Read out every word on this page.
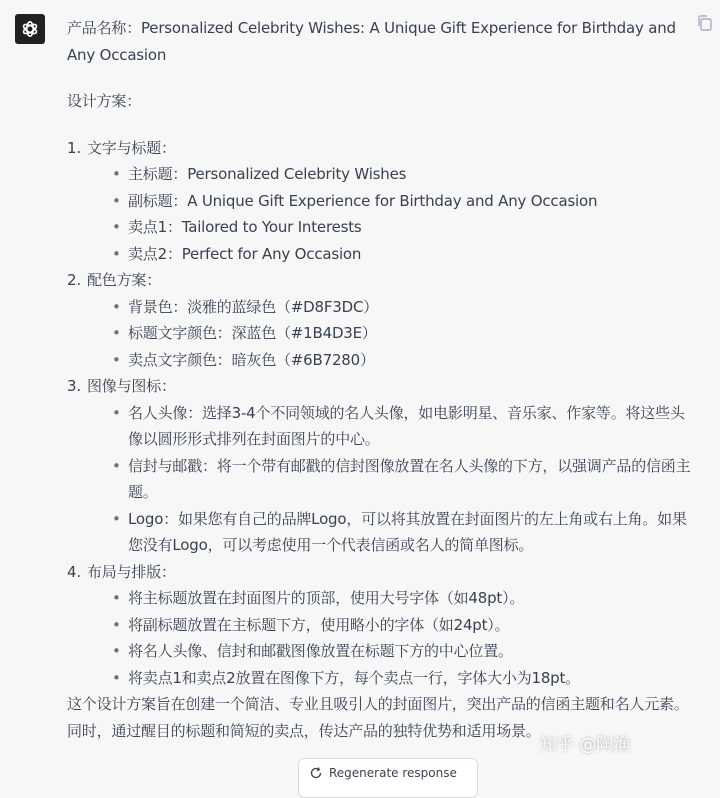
产品名称：Personalized Celebrity Wishes: A Unique Gift Experience for Birthday and Any Occasion

设计方案：

1. 文字与标题：
• 主标题：Personalized Celebrity Wishes
• 副标题：A Unique Gift Experience for Birthday and Any Occasion
• 卖点1：Tailored to Your Interests
• 卖点2：Perfect for Any Occasion
2. 配色方案：
• 背景色：淡雅的蓝绿色（#D8F3DC）
• 标题文字颜色：深蓝色（#1B4D3E）
• 卖点文字颜色：暗灰色（#6B7280）
3. 图像与图标：
• 名人头像：选择3-4个不同领域的名人头像，如电影明星、音乐家、作家等。将这些头像以圆形形式排列在封面图片的中心。
• 信封与邮戳：将一个带有邮戳的信封图像放置在名人头像的下方，以强调产品的信函主题。
• Logo：如果您有自己的品牌Logo，可以将其放置在封面图片的左上角或右上角。如果您没有Logo，可以考虑使用一个代表信函或名人的简单图标。
4. 布局与排版：
• 将主标题放置在封面图片的顶部，使用大号字体（如48pt）。
• 将副标题放置在主标题下方，使用略小的字体（如24pt）。
• 将名人头像、信封和邮戳图像放置在标题下方的中心位置。
• 将卖点1和卖点2放置在图像下方，每个卖点一行，字体大小为18pt。

这个设计方案旨在创建一个简洁、专业且吸引人的封面图片，突出产品的信函主题和名人元素。同时，通过醒目的标题和简短的卖点，传达产品的独特优势和适用场景。

知乎 @陶渔
Regenerate response
